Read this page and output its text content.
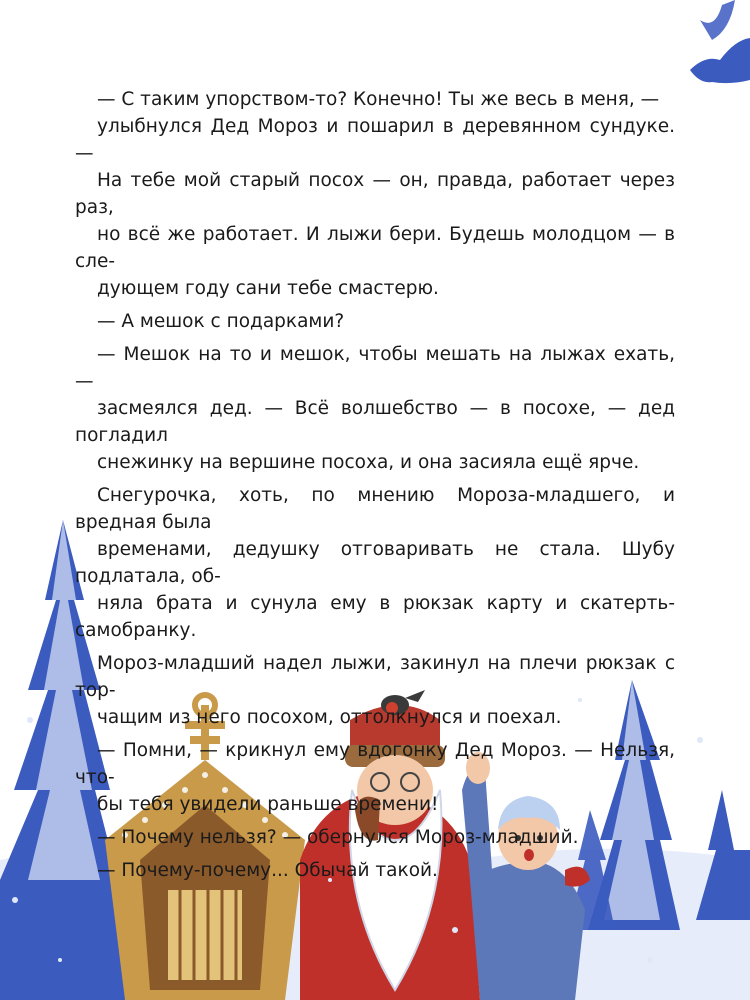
— С таким упорством-то? Конечно! Ты же весь в меня, —
улыбнулся Дед Мороз и пошарил в деревянном сундуке. —
На тебе мой старый посох — он, правда, работает через раз,
но всё же работает. И лыжи бери. Будешь молодцом — в сле-
дующем году сани тебе смастерю.

— А мешок с подарками?

— Мешок на то и мешок, чтобы мешать на лыжах ехать, —
засмеялся дед. — Всё волшебство — в посохе, — дед погладил
снежинку на вершине посоха, и она засияла ещё ярче.

Снегурочка, хоть, по мнению Мороза-младшего, и вредная была
временами, дедушку отговаривать не стала. Шубу подлатала, об-
няла брата и сунула ему в рюкзак карту и скатерть-самобранку.

Мороз-младший надел лыжи, закинул на плечи рюкзак с тор-
чащим из него посохом, оттолкнулся и поехал.

— Помни, — крикнул ему вдогонку Дед Мороз. — Нельзя, что-
бы тебя увидели раньше времени!

— Почему нельзя? — обернулся Мороз-младший.

— Почему-почему... Обычай такой.
